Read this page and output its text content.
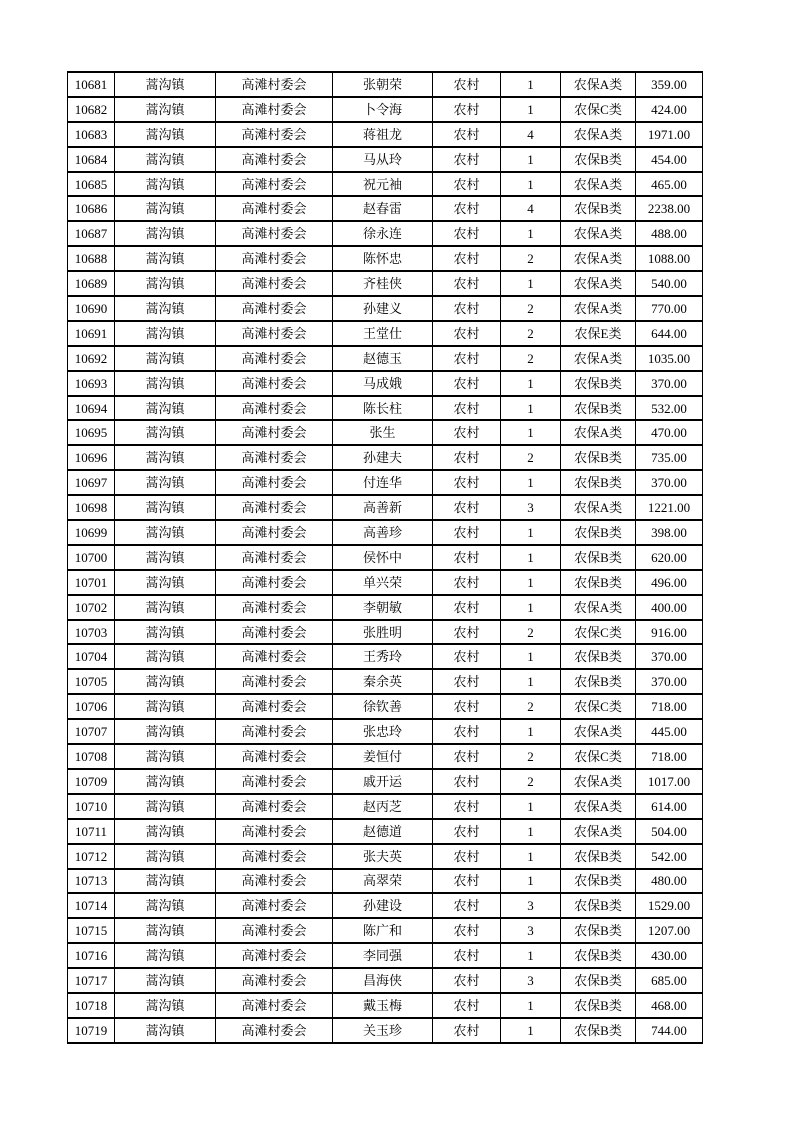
10681	蒿沟镇	高滩村委会	张朝荣	农村	1	农保A类	359.00
10682	蒿沟镇	高滩村委会	卜令海	农村	1	农保C类	424.00
10683	蒿沟镇	高滩村委会	蒋祖龙	农村	4	农保A类	1971.00
10684	蒿沟镇	高滩村委会	马从玲	农村	1	农保B类	454.00
10685	蒿沟镇	高滩村委会	祝元袖	农村	1	农保A类	465.00
10686	蒿沟镇	高滩村委会	赵春雷	农村	4	农保B类	2238.00
10687	蒿沟镇	高滩村委会	徐永连	农村	1	农保A类	488.00
10688	蒿沟镇	高滩村委会	陈怀忠	农村	2	农保A类	1088.00
10689	蒿沟镇	高滩村委会	齐桂侠	农村	1	农保A类	540.00
10690	蒿沟镇	高滩村委会	孙建义	农村	2	农保A类	770.00
10691	蒿沟镇	高滩村委会	王堂仕	农村	2	农保E类	644.00
10692	蒿沟镇	高滩村委会	赵德玉	农村	2	农保A类	1035.00
10693	蒿沟镇	高滩村委会	马成娥	农村	1	农保B类	370.00
10694	蒿沟镇	高滩村委会	陈长柱	农村	1	农保B类	532.00
10695	蒿沟镇	高滩村委会	张生	农村	1	农保A类	470.00
10696	蒿沟镇	高滩村委会	孙建夫	农村	2	农保B类	735.00
10697	蒿沟镇	高滩村委会	付连华	农村	1	农保B类	370.00
10698	蒿沟镇	高滩村委会	高善新	农村	3	农保A类	1221.00
10699	蒿沟镇	高滩村委会	高善珍	农村	1	农保B类	398.00
10700	蒿沟镇	高滩村委会	侯怀中	农村	1	农保B类	620.00
10701	蒿沟镇	高滩村委会	单兴荣	农村	1	农保B类	496.00
10702	蒿沟镇	高滩村委会	李朝敏	农村	1	农保A类	400.00
10703	蒿沟镇	高滩村委会	张胜明	农村	2	农保C类	916.00
10704	蒿沟镇	高滩村委会	王秀玲	农村	1	农保B类	370.00
10705	蒿沟镇	高滩村委会	秦余英	农村	1	农保B类	370.00
10706	蒿沟镇	高滩村委会	徐钦善	农村	2	农保C类	718.00
10707	蒿沟镇	高滩村委会	张忠玲	农村	1	农保A类	445.00
10708	蒿沟镇	高滩村委会	姜恒付	农村	2	农保C类	718.00
10709	蒿沟镇	高滩村委会	戚开运	农村	2	农保A类	1017.00
10710	蒿沟镇	高滩村委会	赵丙芝	农村	1	农保A类	614.00
10711	蒿沟镇	高滩村委会	赵德道	农村	1	农保A类	504.00
10712	蒿沟镇	高滩村委会	张夫英	农村	1	农保B类	542.00
10713	蒿沟镇	高滩村委会	高翠荣	农村	1	农保B类	480.00
10714	蒿沟镇	高滩村委会	孙建设	农村	3	农保B类	1529.00
10715	蒿沟镇	高滩村委会	陈广和	农村	3	农保B类	1207.00
10716	蒿沟镇	高滩村委会	李同强	农村	1	农保B类	430.00
10717	蒿沟镇	高滩村委会	昌海侠	农村	3	农保B类	685.00
10718	蒿沟镇	高滩村委会	戴玉梅	农村	1	农保B类	468.00
10719	蒿沟镇	高滩村委会	关玉珍	农村	1	农保B类	744.00
